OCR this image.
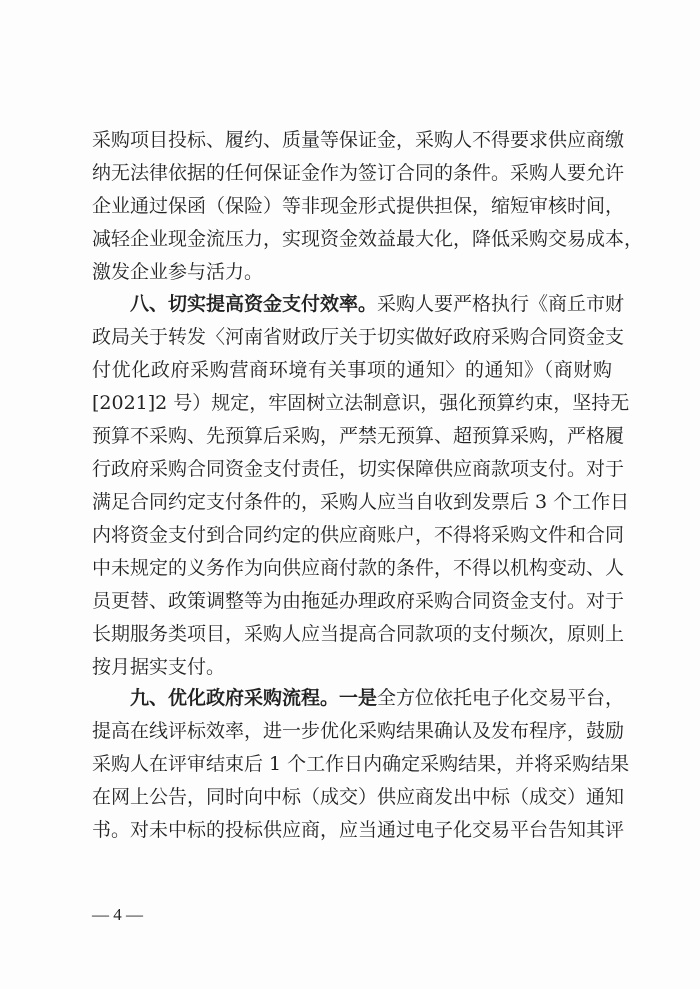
采购项目投标、履约、质量等保证金，采购人不得要求供应商缴
纳无法律依据的任何保证金作为签订合同的条件。采购人要允许
企业通过保函（保险）等非现金形式提供担保，缩短审核时间，
减轻企业现金流压力，实现资金效益最大化，降低采购交易成本，
激发企业参与活力。
八、切实提高资金支付效率。采购人要严格执行《商丘市财
政局关于转发〈河南省财政厅关于切实做好政府采购合同资金支
付优化政府采购营商环境有关事项的通知〉的通知》（商财购
[2021]2 号）规定，牢固树立法制意识，强化预算约束，坚持无
预算不采购、先预算后采购，严禁无预算、超预算采购，严格履
行政府采购合同资金支付责任，切实保障供应商款项支付。对于
满足合同约定支付条件的，采购人应当自收到发票后 3 个工作日
内将资金支付到合同约定的供应商账户，不得将采购文件和合同
中未规定的义务作为向供应商付款的条件，不得以机构变动、人
员更替、政策调整等为由拖延办理政府采购合同资金支付。对于
长期服务类项目，采购人应当提高合同款项的支付频次，原则上
按月据实支付。
九、优化政府采购流程。一是全方位依托电子化交易平台，
提高在线评标效率，进一步优化采购结果确认及发布程序，鼓励
采购人在评审结束后 1 个工作日内确定采购结果，并将采购结果
在网上公告，同时向中标（成交）供应商发出中标（成交）通知
书。对未中标的投标供应商，应当通过电子化交易平台告知其评
— 4 —
